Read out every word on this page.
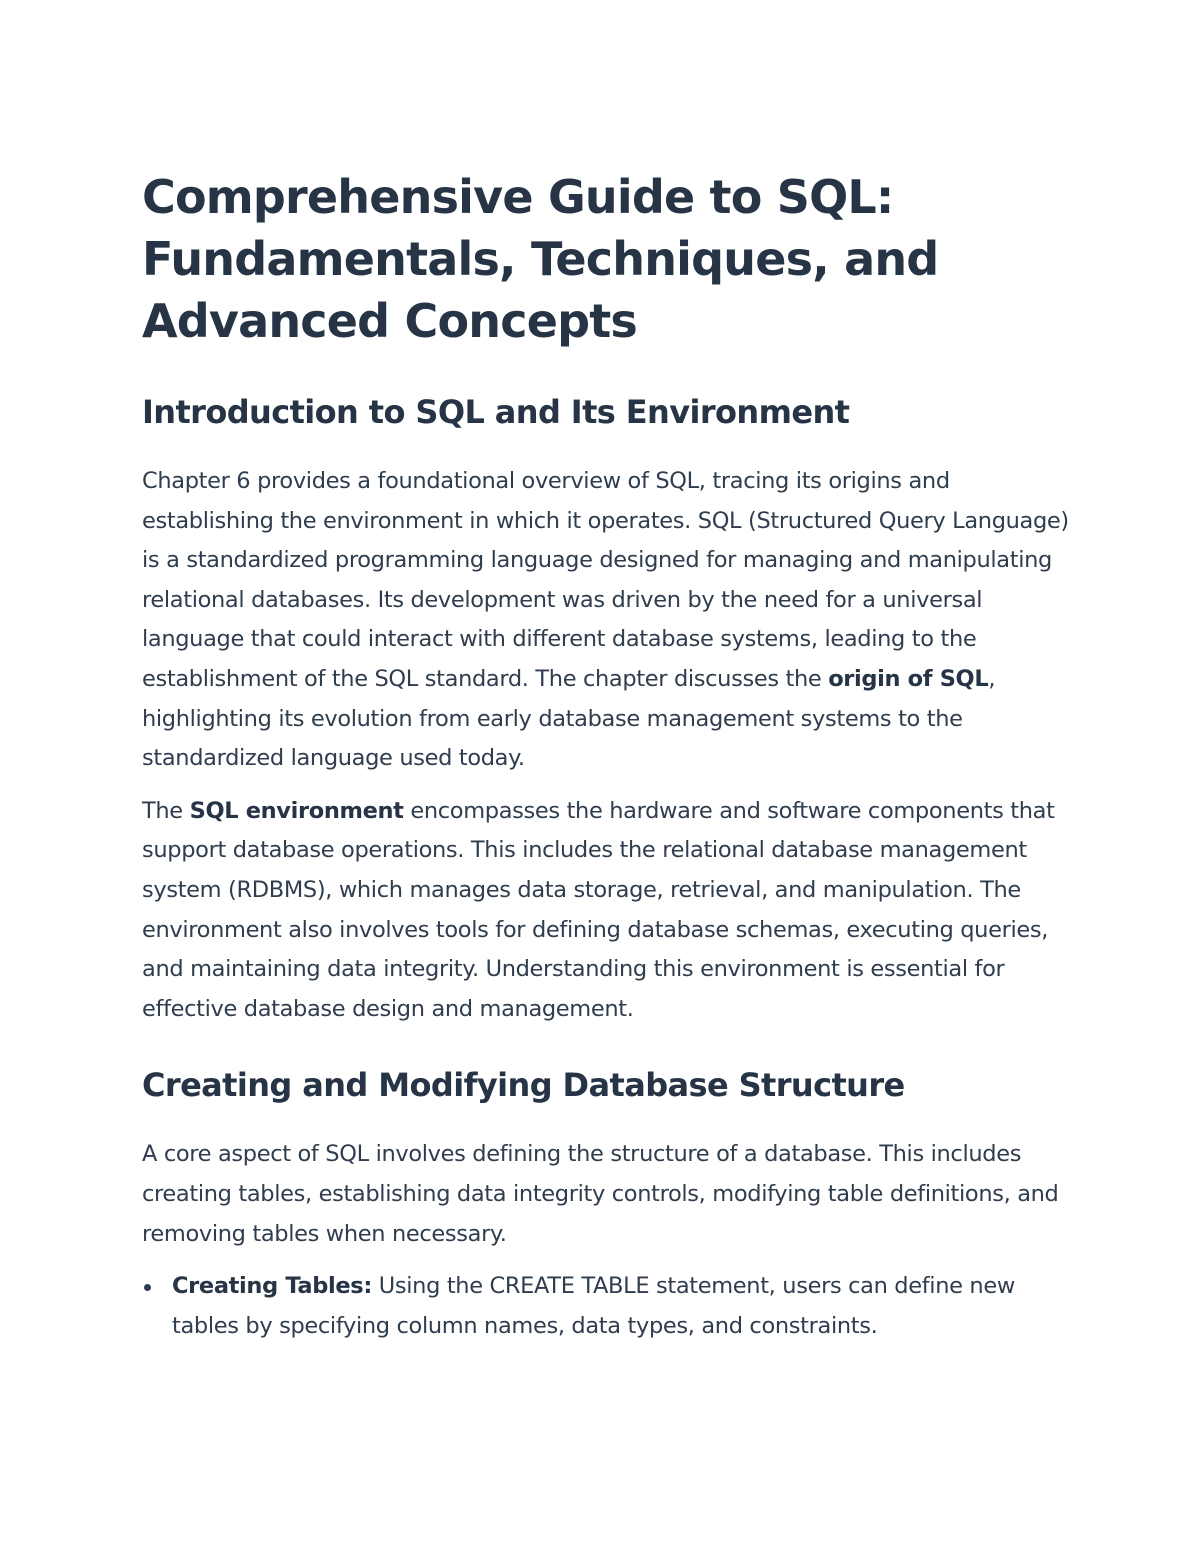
Comprehensive Guide to SQL: Fundamentals, Techniques, and Advanced Concepts
Introduction to SQL and Its Environment

Chapter 6 provides a foundational overview of SQL, tracing its origins and establishing the environment in which it operates. SQL (Structured Query Language) is a standardized programming language designed for managing and manipulating relational databases. Its development was driven by the need for a universal language that could interact with different database systems, leading to the establishment of the SQL standard. The chapter discusses the origin of SQL, highlighting its evolution from early database management systems to the standardized language used today.

The SQL environment encompasses the hardware and software components that support database operations. This includes the relational database management system (RDBMS), which manages data storage, retrieval, and manipulation. The environment also involves tools for defining database schemas, executing queries, and maintaining data integrity. Understanding this environment is essential for effective database design and management.

Creating and Modifying Database Structure

A core aspect of SQL involves defining the structure of a database. This includes creating tables, establishing data integrity controls, modifying table definitions, and removing tables when necessary.

Creating Tables: Using the CREATE TABLE statement, users can define new tables by specifying column names, data types, and constraints.
